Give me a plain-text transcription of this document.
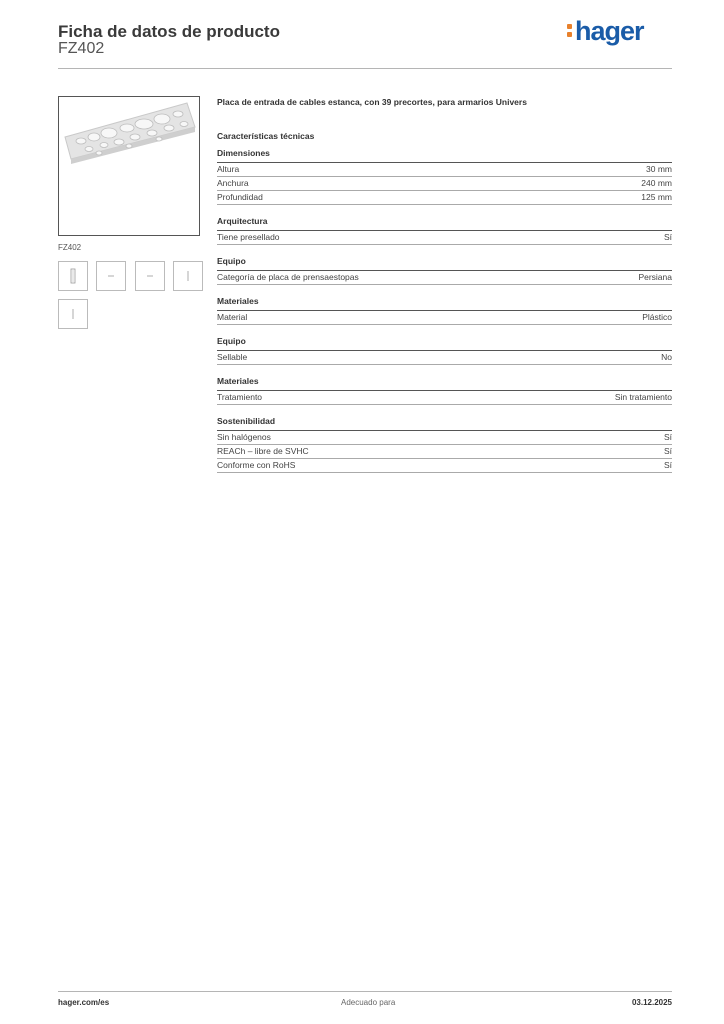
Ficha de datos de producto
FZ402
hager
FZ402
Placa de entrada de cables estanca, con 39 precortes, para armarios Univers
Características técnicas
Dimensiones
Altura	30 mm
Anchura	240 mm
Profundidad	125 mm
Arquitectura
Tiene presellado	Sí
Equipo
Categoría de placa de prensaestopas	Persiana
Materiales
Material	Plástico
Equipo
Sellable	No
Materiales
Tratamiento	Sin tratamiento
Sostenibilidad
Sin halógenos	Sí
REACh – libre de SVHC	Sí
Conforme con RoHS	Sí
hager.com/es	Adecuado para	03.12.2025
